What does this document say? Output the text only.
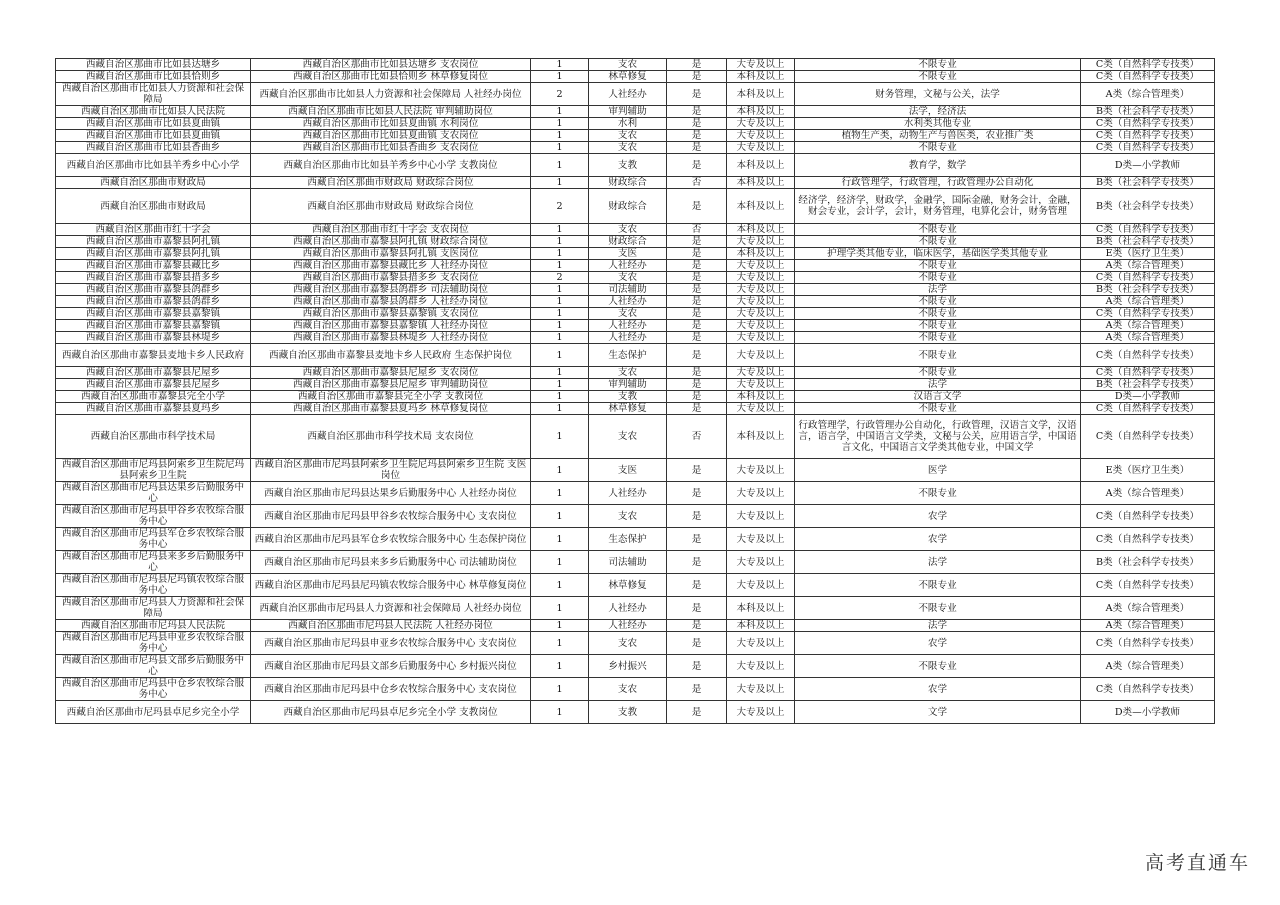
西藏自治区那曲市比如县达塘乡	西藏自治区那曲市比如县达塘乡 支农岗位	1	支农	是	大专及以上	不限专业	C类（自然科学专技类）
西藏自治区那曲市比如县恰则乡	西藏自治区那曲市比如县恰则乡 林草修复岗位	1	林草修复	是	本科及以上	不限专业	C类（自然科学专技类）
西藏自治区那曲市比如县人力资源和社会保障局	西藏自治区那曲市比如县人力资源和社会保障局 人社经办岗位	2	人社经办	是	本科及以上	财务管理，文秘与公关，法学	A类（综合管理类）
西藏自治区那曲市比如县人民法院	西藏自治区那曲市比如县人民法院 审判辅助岗位	1	审判辅助	是	本科及以上	法学，经济法	B类（社会科学专技类）
西藏自治区那曲市比如县夏曲镇	西藏自治区那曲市比如县夏曲镇 水利岗位	1	水利	是	大专及以上	水利类其他专业	C类（自然科学专技类）
西藏自治区那曲市比如县夏曲镇	西藏自治区那曲市比如县夏曲镇 支农岗位	1	支农	是	大专及以上	植物生产类，动物生产与兽医类，农业推广类	C类（自然科学专技类）
西藏自治区那曲市比如县香曲乡	西藏自治区那曲市比如县香曲乡 支农岗位	1	支农	是	大专及以上	不限专业	C类（自然科学专技类）
西藏自治区那曲市比如县羊秀乡中心小学	西藏自治区那曲市比如县羊秀乡中心小学 支教岗位	1	支教	是	本科及以上	教育学，数学	D类—小学教师
西藏自治区那曲市财政局	西藏自治区那曲市财政局 财政综合岗位	1	财政综合	否	本科及以上	行政管理学，行政管理，行政管理办公自动化	B类（社会科学专技类）
西藏自治区那曲市财政局	西藏自治区那曲市财政局 财政综合岗位	2	财政综合	是	本科及以上	经济学，经济学，财政学，金融学，国际金融，财务会计，金融，财会专业，会计学，会计，财务管理，电算化会计，财务管理	B类（社会科学专技类）
西藏自治区那曲市红十字会	西藏自治区那曲市红十字会 支农岗位	1	支农	否	本科及以上	不限专业	C类（自然科学专技类）
西藏自治区那曲市嘉黎县阿扎镇	西藏自治区那曲市嘉黎县阿扎镇 财政综合岗位	1	财政综合	是	大专及以上	不限专业	B类（社会科学专技类）
西藏自治区那曲市嘉黎县阿扎镇	西藏自治区那曲市嘉黎县阿扎镇 支医岗位	1	支医	是	本科及以上	护理学类其他专业，临床医学，基础医学类其他专业	E类（医疗卫生类）
西藏自治区那曲市嘉黎县藏比乡	西藏自治区那曲市嘉黎县藏比乡 人社经办岗位	1	人社经办	是	大专及以上	不限专业	A类（综合管理类）
西藏自治区那曲市嘉黎县措多乡	西藏自治区那曲市嘉黎县措多乡 支农岗位	2	支农	是	大专及以上	不限专业	C类（自然科学专技类）
西藏自治区那曲市嘉黎县鸽群乡	西藏自治区那曲市嘉黎县鸽群乡 司法辅助岗位	1	司法辅助	是	大专及以上	法学	B类（社会科学专技类）
西藏自治区那曲市嘉黎县鸽群乡	西藏自治区那曲市嘉黎县鸽群乡 人社经办岗位	1	人社经办	是	大专及以上	不限专业	A类（综合管理类）
西藏自治区那曲市嘉黎县嘉黎镇	西藏自治区那曲市嘉黎县嘉黎镇 支农岗位	1	支农	是	大专及以上	不限专业	C类（自然科学专技类）
西藏自治区那曲市嘉黎县嘉黎镇	西藏自治区那曲市嘉黎县嘉黎镇 人社经办岗位	1	人社经办	是	大专及以上	不限专业	A类（综合管理类）
西藏自治区那曲市嘉黎县林堤乡	西藏自治区那曲市嘉黎县林堤乡 人社经办岗位	1	人社经办	是	大专及以上	不限专业	A类（综合管理类）
西藏自治区那曲市嘉黎县麦地卡乡人民政府	西藏自治区那曲市嘉黎县麦地卡乡人民政府 生态保护岗位	1	生态保护	是	大专及以上	不限专业	C类（自然科学专技类）
西藏自治区那曲市嘉黎县尼屋乡	西藏自治区那曲市嘉黎县尼屋乡 支农岗位	1	支农	是	大专及以上	不限专业	C类（自然科学专技类）
西藏自治区那曲市嘉黎县尼屋乡	西藏自治区那曲市嘉黎县尼屋乡 审判辅助岗位	1	审判辅助	是	大专及以上	法学	B类（社会科学专技类）
西藏自治区那曲市嘉黎县完全小学	西藏自治区那曲市嘉黎县完全小学 支教岗位	1	支教	是	本科及以上	汉语言文学	D类—小学教师
西藏自治区那曲市嘉黎县夏玛乡	西藏自治区那曲市嘉黎县夏玛乡 林草修复岗位	1	林草修复	是	大专及以上	不限专业	C类（自然科学专技类）
西藏自治区那曲市科学技术局	西藏自治区那曲市科学技术局 支农岗位	1	支农	否	本科及以上	行政管理学，行政管理办公自动化，行政管理，汉语言文学，汉语言，语言学，中国语言文学类，文秘与公关，应用语言学，中国语言文化，中国语言文学类其他专业，中国文学	C类（自然科学专技类）
西藏自治区那曲市尼玛县阿索乡卫生院尼玛县阿索乡卫生院	西藏自治区那曲市尼玛县阿索乡卫生院尼玛县阿索乡卫生院 支医岗位	1	支医	是	大专及以上	医学	E类（医疗卫生类）
西藏自治区那曲市尼玛县达果乡后勤服务中心	西藏自治区那曲市尼玛县达果乡后勤服务中心 人社经办岗位	1	人社经办	是	大专及以上	不限专业	A类（综合管理类）
西藏自治区那曲市尼玛县甲谷乡农牧综合服务中心	西藏自治区那曲市尼玛县甲谷乡农牧综合服务中心 支农岗位	1	支农	是	大专及以上	农学	C类（自然科学专技类）
西藏自治区那曲市尼玛县军仓乡农牧综合服务中心	西藏自治区那曲市尼玛县军仓乡农牧综合服务中心 生态保护岗位	1	生态保护	是	大专及以上	农学	C类（自然科学专技类）
西藏自治区那曲市尼玛县来多乡后勤服务中心	西藏自治区那曲市尼玛县来多乡后勤服务中心 司法辅助岗位	1	司法辅助	是	大专及以上	法学	B类（社会科学专技类）
西藏自治区那曲市尼玛县尼玛镇农牧综合服务中心	西藏自治区那曲市尼玛县尼玛镇农牧综合服务中心 林草修复岗位	1	林草修复	是	大专及以上	不限专业	C类（自然科学专技类）
西藏自治区那曲市尼玛县人力资源和社会保障局	西藏自治区那曲市尼玛县人力资源和社会保障局 人社经办岗位	1	人社经办	是	本科及以上	不限专业	A类（综合管理类）
西藏自治区那曲市尼玛县人民法院	西藏自治区那曲市尼玛县人民法院 人社经办岗位	1	人社经办	是	本科及以上	法学	A类（综合管理类）
西藏自治区那曲市尼玛县申亚乡农牧综合服务中心	西藏自治区那曲市尼玛县申亚乡农牧综合服务中心 支农岗位	1	支农	是	大专及以上	农学	C类（自然科学专技类）
西藏自治区那曲市尼玛县文部乡后勤服务中心	西藏自治区那曲市尼玛县文部乡后勤服务中心 乡村振兴岗位	1	乡村振兴	是	大专及以上	不限专业	A类（综合管理类）
西藏自治区那曲市尼玛县中仓乡农牧综合服务中心	西藏自治区那曲市尼玛县中仓乡农牧综合服务中心 支农岗位	1	支农	是	大专及以上	农学	C类（自然科学专技类）
西藏自治区那曲市尼玛县卓尼乡完全小学	西藏自治区那曲市尼玛县卓尼乡完全小学 支教岗位	1	支教	是	大专及以上	文学	D类—小学教师
高考直通车
